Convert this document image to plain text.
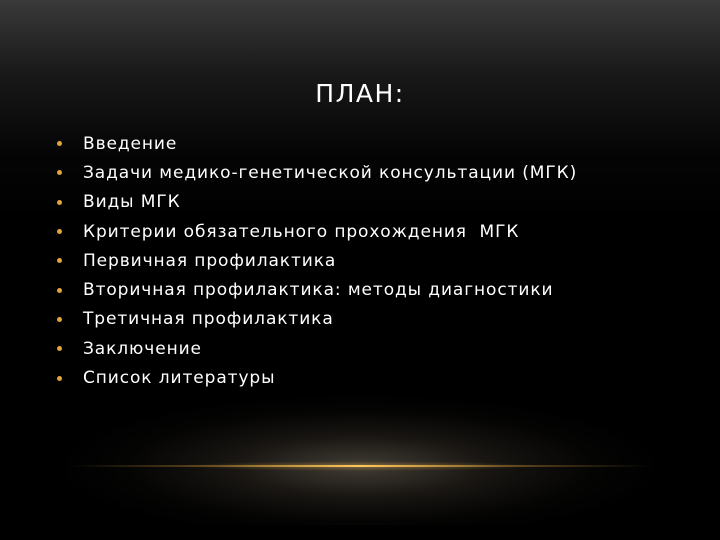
ПЛАН:
Введение
Задачи медико-генетической консультации (МГК)
Виды МГК
Критерии обязательного прохождения  МГК
Первичная профилактика
Вторичная профилактика: методы диагностики
Третичная профилактика
Заключение
Список литературы
